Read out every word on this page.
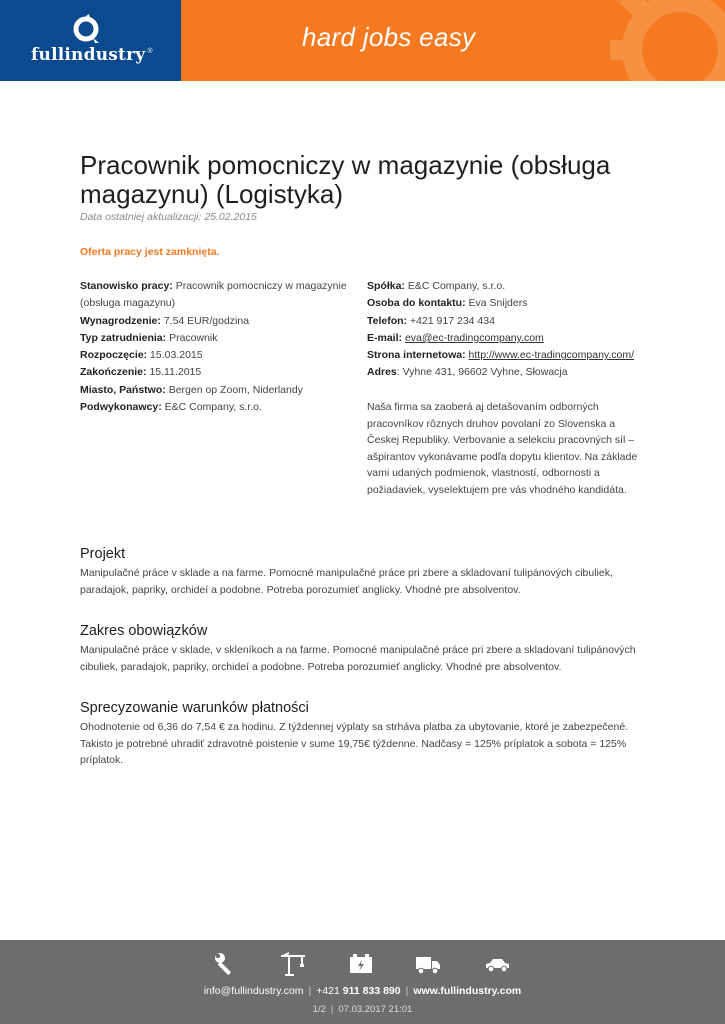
fullindustry ®	hard jobs easy
Pracownik pomocniczy w magazynie (obsługa magazynu) (Logistyka)
Data ostatniej aktualizacji: 25.02.2015
Oferta pracy jest zamknięta.
Stanowisko pracy: Pracownik pomocniczy w magazynie (obsługa magazynu)
Wynagrodzenie: 7.54 EUR/godzina
Typ zatrudnienia: Pracownik
Rozpoczęcie: 15.03.2015
Zakończenie: 15.11.2015
Miasto, Państwo: Bergen op Zoom, Niderlandy
Podwykonawcy: E&C Company, s.r.o.
Spółka: E&C Company, s.r.o.
Osoba do kontaktu: Eva Snijders
Telefon: +421 917 234 434
E-mail: eva@ec-tradingcompany.com
Strona internetowa: http://www.ec-tradingcompany.com/
Adres: Vyhne 431, 96602 Vyhne, Słowacja
Naša firma sa zaoberá aj detašovaním odborných pracovníkov rôznych druhov povolaní zo Slovenska a Českej Republiky. Verbovanie a selekciu pracovných síl – ašpirantov vykonávame podľa dopytu klientov. Na základe vami udaných podmienok, vlastností, odbornosti a požiadaviek, vyselektujem pre vás vhodného kandidáta.
Projekt
Manipulačné práce v sklade a na farme. Pomocné manipulačné práce pri zbere a skladovaní tulipánových cibuliek, paradajok, papriky, orchideí a podobne. Potreba porozumieť anglicky. Vhodné pre absolventov.
Zakres obowiązków
Manipulačné práce v sklade, v skleníkoch a na farme. Pomocné manipulačné práce pri zbere a skladovaní tulipánových cibuliek, paradajok, papriky, orchideí a podobne. Potreba porozumieť anglicky. Vhodné pre absolventov.
Sprecyzowanie warunków płatności
Ohodnotenie od 6,36 do 7,54 € za hodinu. Z týždennej výplaty sa strháva platba za ubytovanie, ktoré je zabezpečené. Takisto je potrebné uhradiť zdravotné poistenie v sume 19,75€ týždenne. Nadčasy = 125% príplatok a sobota = 125% príplatok.
info@fullindustry.com | +421 911 833 890 | www.fullindustry.com
1/2 | 07.03.2017 21:01
